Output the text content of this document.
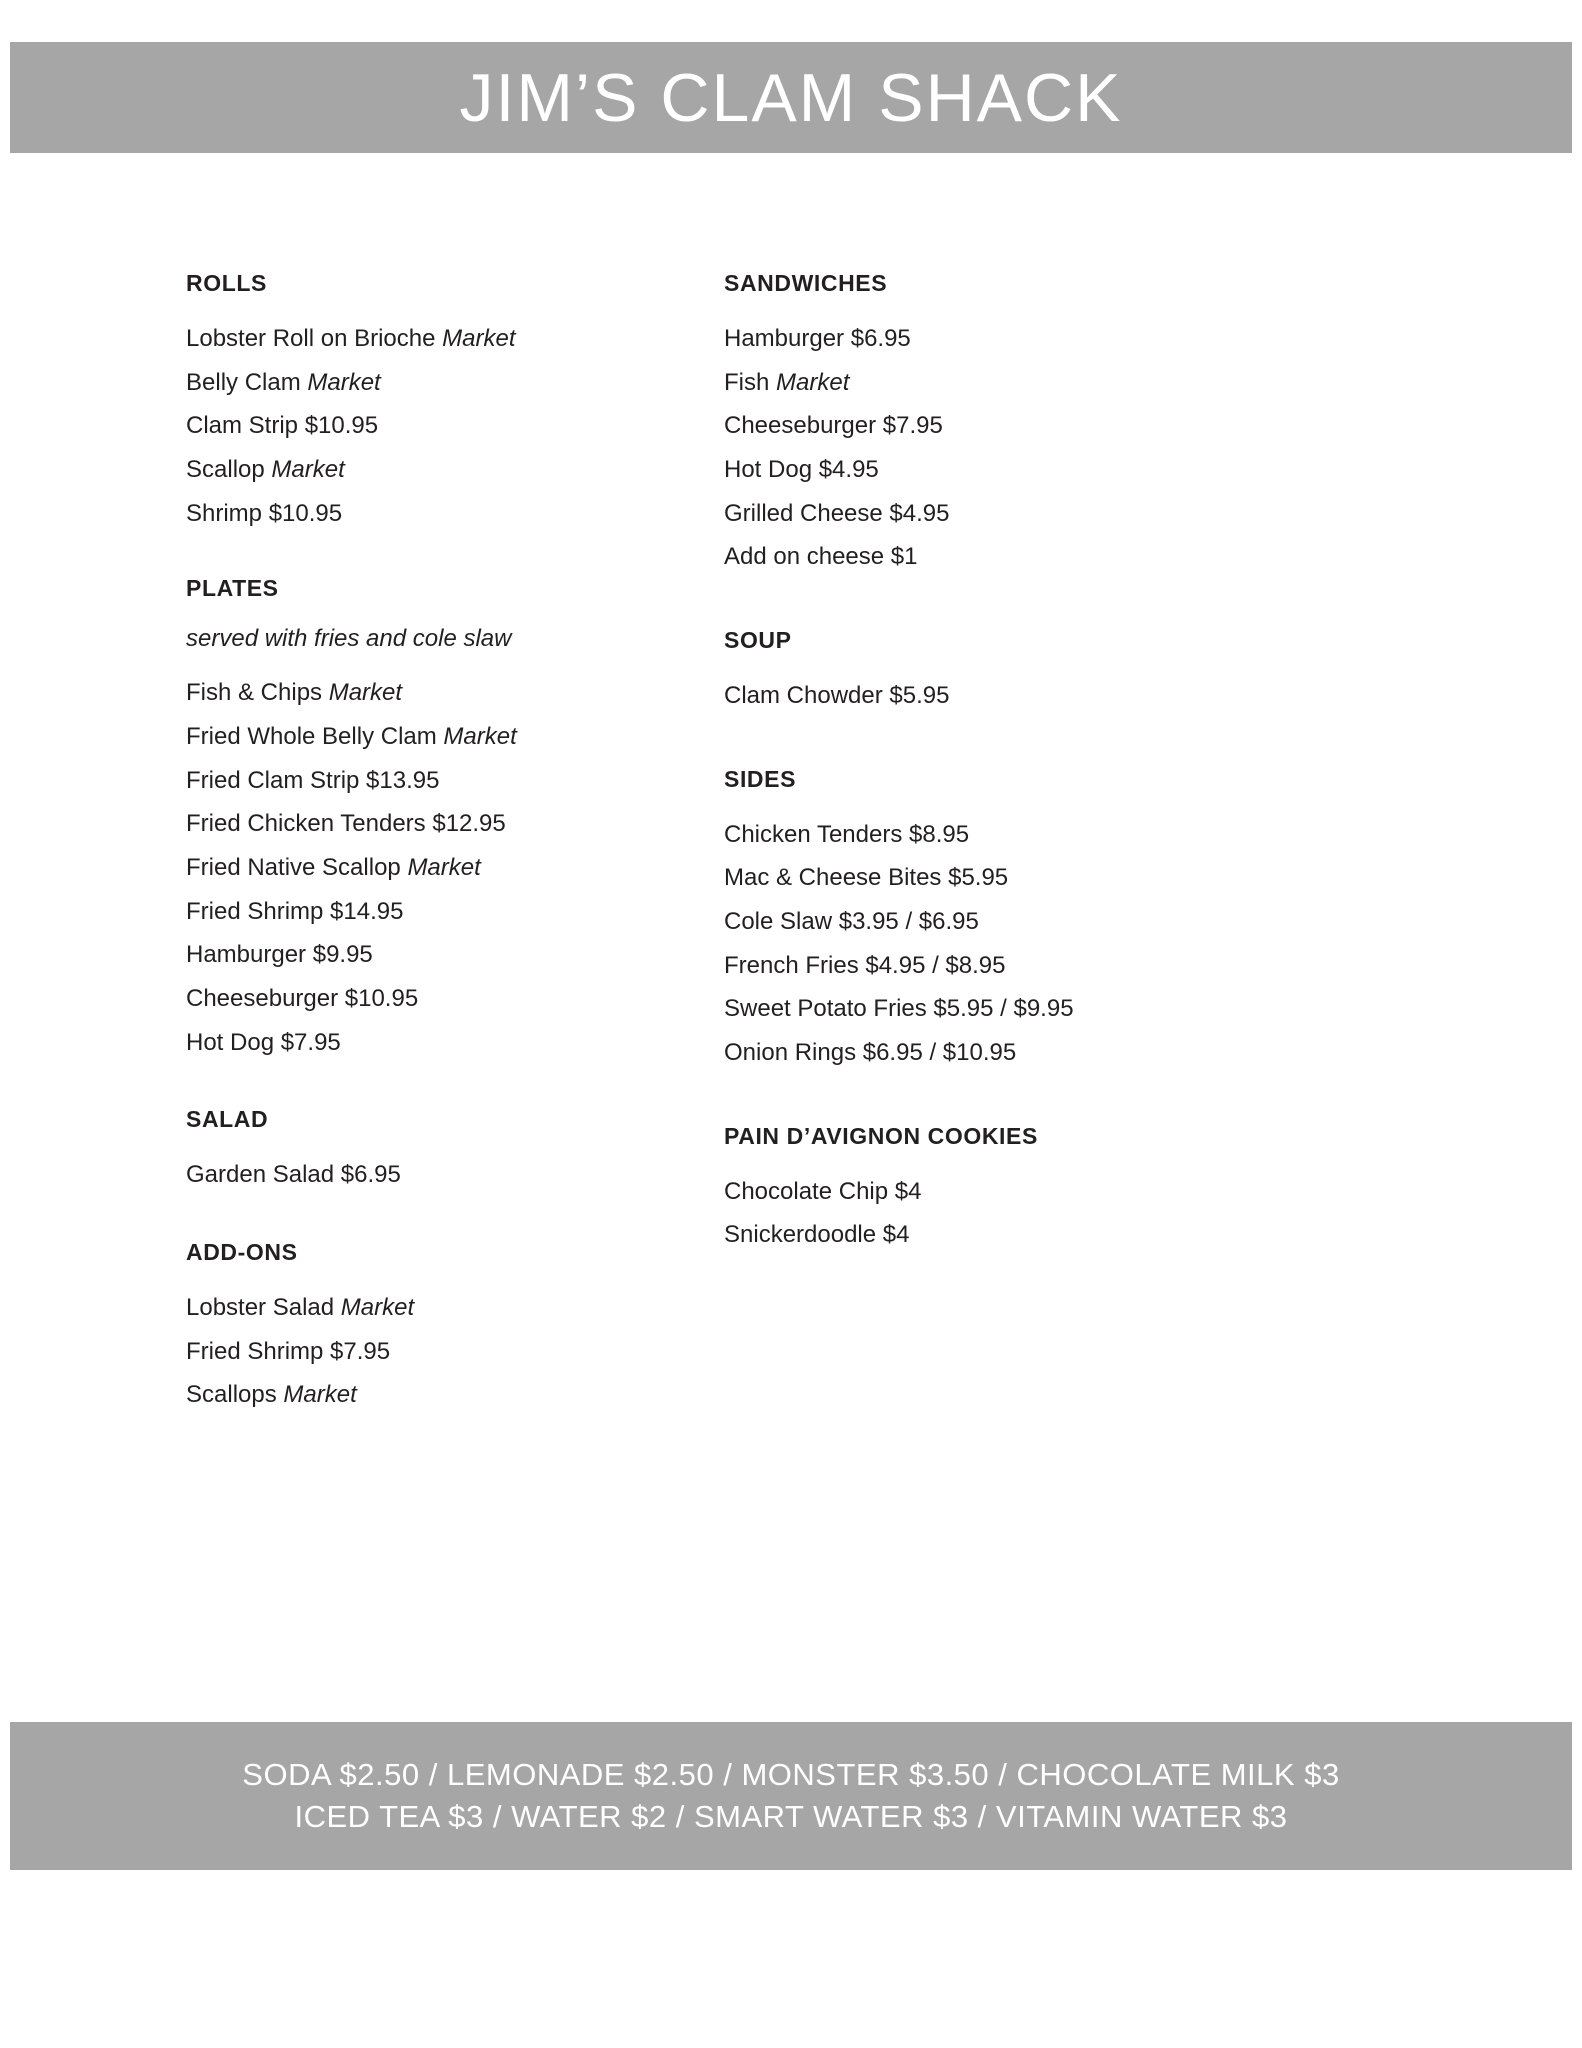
JIM’S CLAM SHACK
ROLLS
Lobster Roll on Brioche Market
Belly Clam Market
Clam Strip $10.95
Scallop Market
Shrimp $10.95
PLATES
served with fries and cole slaw
Fish & Chips Market
Fried Whole Belly Clam Market
Fried Clam Strip $13.95
Fried Chicken Tenders $12.95
Fried Native Scallop Market
Fried Shrimp $14.95
Hamburger $9.95
Cheeseburger $10.95
Hot Dog $7.95
SALAD
Garden Salad $6.95
ADD-ONS
Lobster Salad Market
Fried Shrimp $7.95
Scallops Market
SANDWICHES
Hamburger $6.95
Fish Market
Cheeseburger $7.95
Hot Dog $4.95
Grilled Cheese $4.95
Add on cheese $1
SOUP
Clam Chowder $5.95
SIDES
Chicken Tenders $8.95
Mac & Cheese Bites $5.95
Cole Slaw $3.95 / $6.95
French Fries $4.95 / $8.95
Sweet Potato Fries $5.95 / $9.95
Onion Rings $6.95 / $10.95
PAIN D’AVIGNON COOKIES
Chocolate Chip $4
Snickerdoodle $4
SODA $2.50 / LEMONADE $2.50 / MONSTER $3.50 / CHOCOLATE MILK $3
ICED TEA $3 / WATER $2 / SMART WATER $3 / VITAMIN WATER $3
